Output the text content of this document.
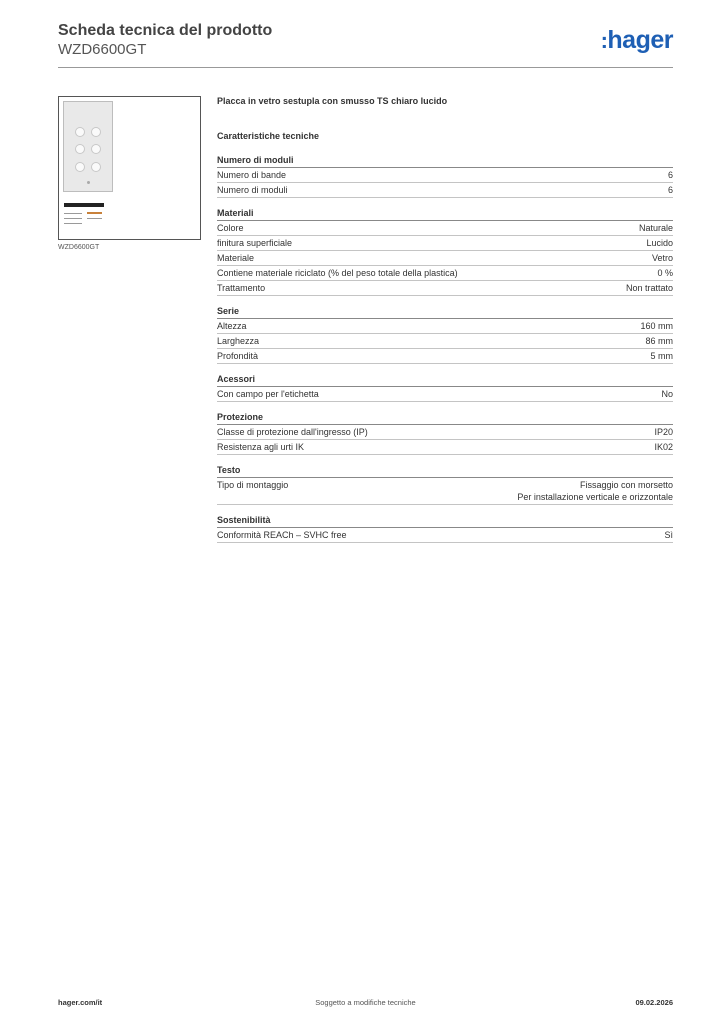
Scheda tecnica del prodotto
WZD6600GT	:hager
WZD6600GT
Placca in vetro sestupla con smusso TS chiaro lucido
Caratteristiche tecniche
Numero di moduli
Numero di bande	6
Numero di moduli	6
Materiali
Colore	Naturale
finitura superficiale	Lucido
Materiale	Vetro
Contiene materiale riciclato (% del peso totale della plastica)	0 %
Trattamento	Non trattato
Serie
Altezza	160 mm
Larghezza	86 mm
Profondità	5 mm
Acessori
Con campo per l'etichetta	No
Protezione
Classe di protezione dall'ingresso (IP)	IP20
Resistenza agli urti IK	IK02
Testo
Tipo di montaggio	Fissaggio con morsetto
Per installazione verticale e orizzontale
Sostenibilità
Conformità REACh – SVHC free	Sì
hager.com/it	Soggetto a modifiche tecniche	09.02.2026
